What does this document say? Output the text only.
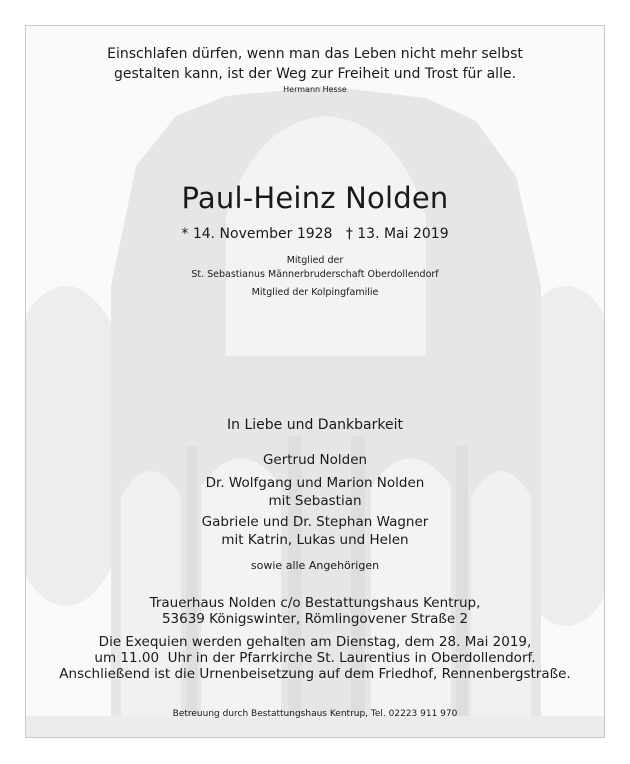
Einschlafen dürfen, wenn man das Leben nicht mehr selbst
gestalten kann, ist der Weg zur Freiheit und Trost für alle.
Hermann Hesse
Paul-Heinz Nolden
* 14. November 1928   † 13. Mai 2019
Mitglied der
St. Sebastianus Männerbruderschaft Oberdollendorf
Mitglied der Kolpingfamilie
In Liebe und Dankbarkeit
Gertrud Nolden
Dr. Wolfgang und Marion Nolden
mit Sebastian
Gabriele und Dr. Stephan Wagner
mit Katrin, Lukas und Helen
sowie alle Angehörigen
Trauerhaus Nolden c/o Bestattungshaus Kentrup,
53639 Königswinter, Römlingovener Straße 2
Die Exequien werden gehalten am Dienstag, dem 28. Mai 2019,
um 11.00  Uhr in der Pfarrkirche St. Laurentius in Oberdollendorf.
Anschließend ist die Urnenbeisetzung auf dem Friedhof, Rennenbergstraße.
Betreuung durch Bestattungshaus Kentrup, Tel. 02223 911 970
